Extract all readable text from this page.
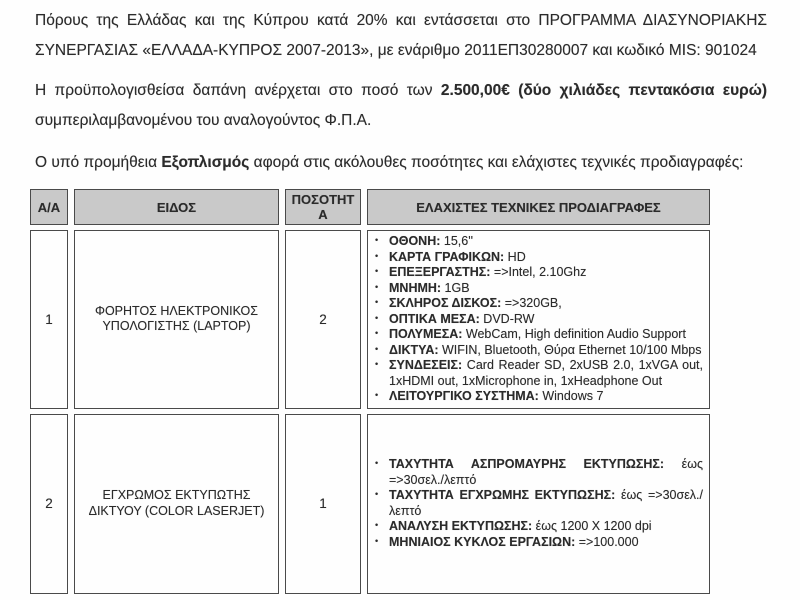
Πόρους της Ελλάδας και της Κύπρου κατά 20% και εντάσσεται στο ΠΡΟΓΡΑΜΜΑ ΔΙΑΣΥΝΟΡΙΑΚΗΣ ΣΥΝΕΡΓΑΣΙΑΣ «ΕΛΛΑΔΑ-ΚΥΠΡΟΣ 2007-2013», με ενάριθμο 2011ΕΠ30280007 και κωδικό MIS: 901024

Η προϋπολογισθείσα δαπάνη ανέρχεται στο ποσό των 2.500,00€ (δύο χιλιάδες πεντακόσια ευρώ) συμπεριλαμβανομένου του αναλογούντος Φ.Π.Α.

Ο υπό προμήθεια Εξοπλισμός αφορά στις ακόλουθες ποσότητες και ελάχιστες τεχνικές προδιαγραφές:

Α/Α	ΕΙΔΟΣ	ΠΟΣΟΤΗΤΑ	ΕΛΑΧΙΣΤΕΣ ΤΕΧΝΙΚΕΣ ΠΡΟΔΙΑΓΡΑΦΕΣ
1	ΦΟΡΗΤΟΣ ΗΛΕΚΤΡΟΝΙΚΟΣ ΥΠΟΛΟΓΙΣΤΗΣ (LAPTOP)	2	
• ΟΘΟΝΗ: 15,6''
• ΚΑΡΤΑ ΓΡΑΦΙΚΩΝ: HD
• ΕΠΕΞΕΡΓΑΣΤΗΣ: =>Intel, 2.10Ghz
• ΜΝΗΜΗ: 1GB
• ΣΚΛΗΡΟΣ ΔΙΣΚΟΣ: =>320GB,
• ΟΠΤΙΚΑ ΜΕΣΑ: DVD-RW
• ΠΟΛΥΜΕΣΑ: WebCam, High definition Audio Support
• ΔΙΚΤΥΑ: WIFIN, Bluetooth, Θύρα Ethernet 10/100 Mbps
• ΣΥΝΔΕΣΕΙΣ: Card Reader SD, 2xUSB 2.0, 1xVGA out, 1xHDMI out, 1xMicrophone in, 1xHeadphone Out
• ΛΕΙΤΟΥΡΓΙΚΟ ΣΥΣΤΗΜΑ: Windows 7

2	ΕΓΧΡΩΜΟΣ ΕΚΤΥΠΩΤΗΣ ΔΙΚΤΥΟΥ (COLOR LASERJET)	1	
• ΤΑΧΥΤΗΤΑ ΑΣΠΡΟΜΑΥΡΗΣ ΕΚΤΥΠΩΣΗΣ: έως =>30σελ./λεπτό
• ΤΑΧΥΤΗΤΑ ΕΓΧΡΩΜΗΣ ΕΚΤΥΠΩΣΗΣ: έως =>30σελ./λεπτό
• ΑΝΑΛΥΣΗ ΕΚΤΥΠΩΣΗΣ: έως 1200 X 1200 dpi
• ΜΗΝΙΑΙΟΣ ΚΥΚΛΟΣ ΕΡΓΑΣΙΩΝ: =>100.000
